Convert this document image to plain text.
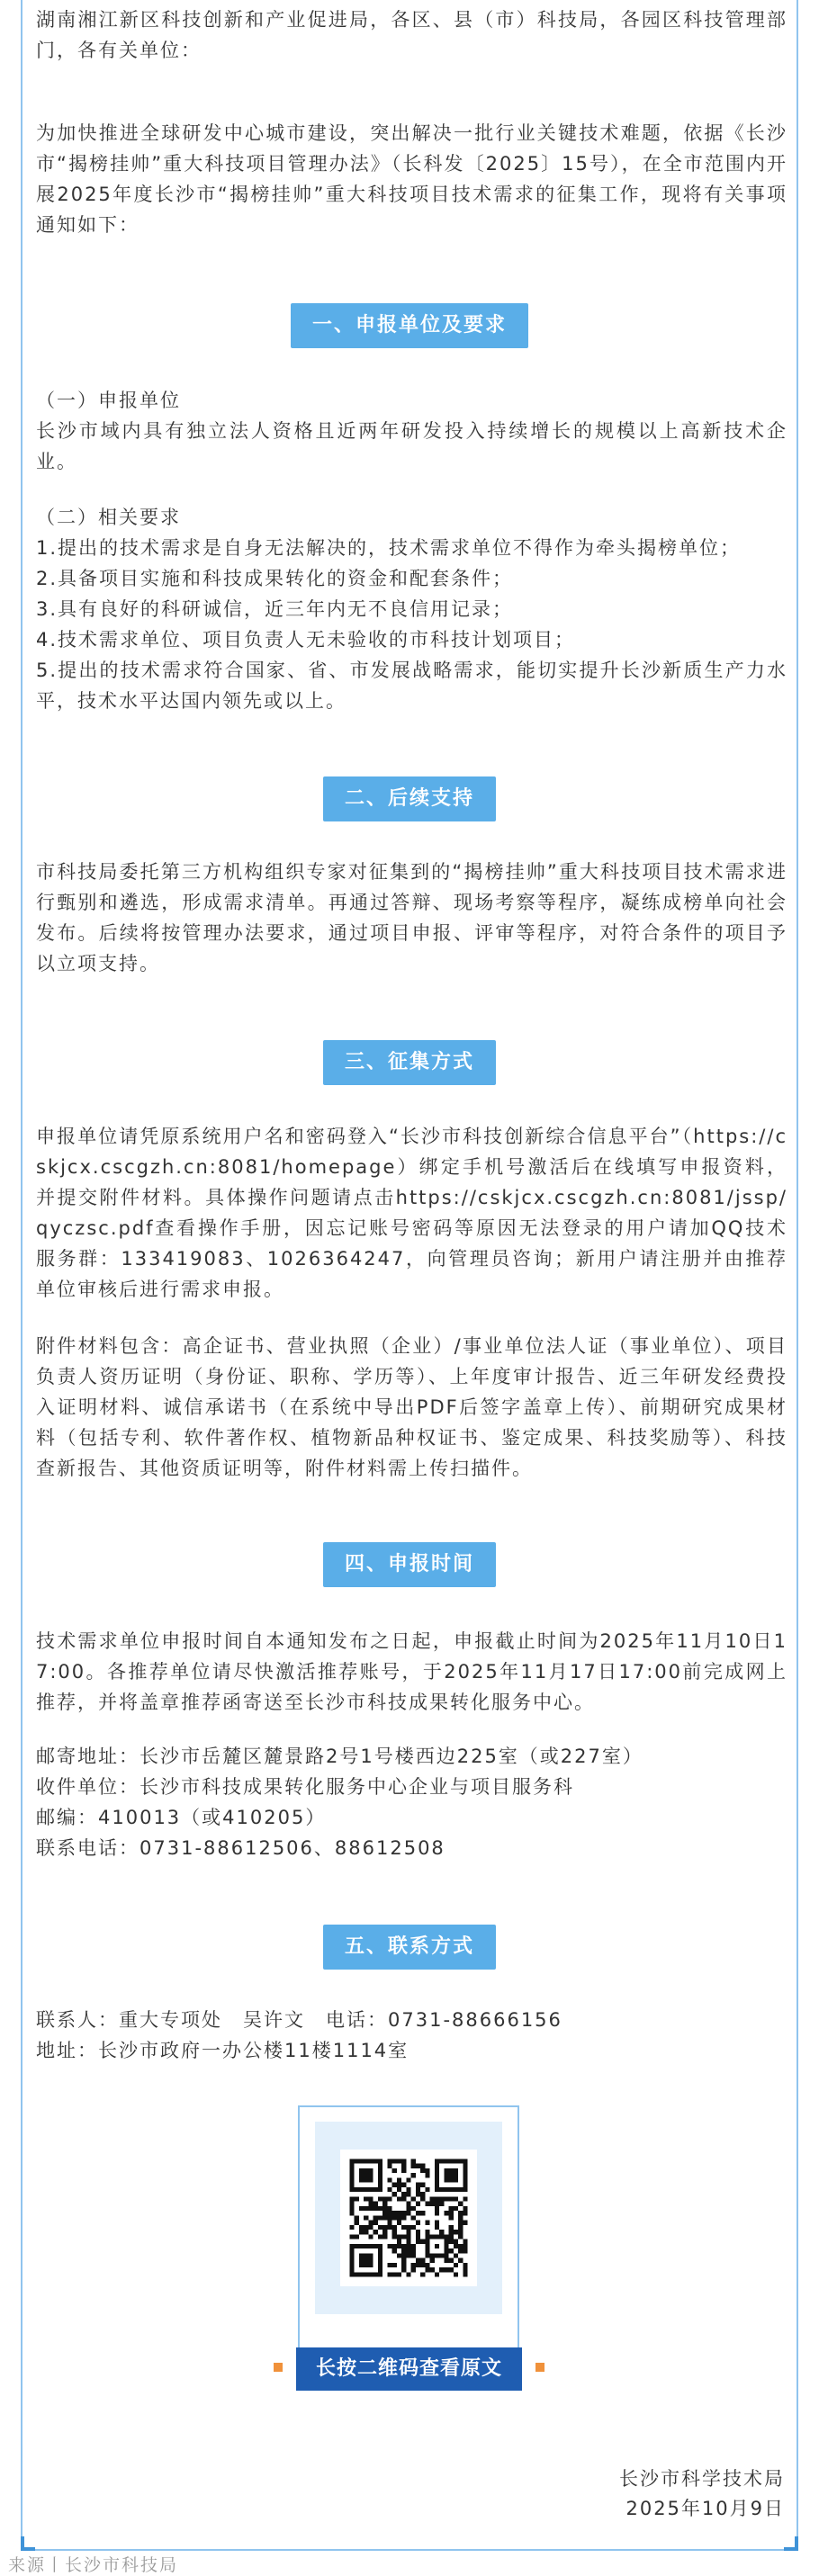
湖南湘江新区科技创新和产业促进局，各区、县（市）科技局，各园区科技管理部门，各有关单位：
为加快推进全球研发中心城市建设，突出解决一批行业关键技术难题，依据《长沙市“揭榜挂帅”重大科技项目管理办法》（长科发〔2025〕15号），在全市范围内开展2025年度长沙市“揭榜挂帅”重大科技项目技术需求的征集工作，现将有关事项通知如下：
一、申报单位及要求
（一）申报单位
长沙市域内具有独立法人资格且近两年研发投入持续增长的规模以上高新技术企业。
（二）相关要求
1.提出的技术需求是自身无法解决的，技术需求单位不得作为牵头揭榜单位；
2.具备项目实施和科技成果转化的资金和配套条件；
3.具有良好的科研诚信，近三年内无不良信用记录；
4.技术需求单位、项目负责人无未验收的市科技计划项目；
5.提出的技术需求符合国家、省、市发展战略需求，能切实提升长沙新质生产力水平，技术水平达国内领先或以上。
二、后续支持
市科技局委托第三方机构组织专家对征集到的“揭榜挂帅”重大科技项目技术需求进行甄别和遴选，形成需求清单。再通过答辩、现场考察等程序，凝练成榜单向社会发布。后续将按管理办法要求，通过项目申报、评审等程序，对符合条件的项目予以立项支持。
三、征集方式
申报单位请凭原系统用户名和密码登入“长沙市科技创新综合信息平台”（https://cskjcx.cscgzh.cn:8081/homepage）绑定手机号激活后在线填写申报资料，并提交附件材料。具体操作问题请点击https://cskjcx.cscgzh.cn:8081/jssp/qyczsc.pdf查看操作手册，因忘记账号密码等原因无法登录的用户请加QQ技术服务群：133419083、1026364247，向管理员咨询；新用户请注册并由推荐单位审核后进行需求申报。
附件材料包含：高企证书、营业执照（企业）/事业单位法人证（事业单位）、项目负责人资历证明（身份证、职称、学历等）、上年度审计报告、近三年研发经费投入证明材料、诚信承诺书（在系统中导出PDF后签字盖章上传）、前期研究成果材料（包括专利、软件著作权、植物新品种权证书、鉴定成果、科技奖励等）、科技查新报告、其他资质证明等，附件材料需上传扫描件。
四、申报时间
技术需求单位申报时间自本通知发布之日起，申报截止时间为2025年11月10日17:00。各推荐单位请尽快激活推荐账号，于2025年11月17日17:00前完成网上推荐，并将盖章推荐函寄送至长沙市科技成果转化服务中心。
邮寄地址：长沙市岳麓区麓景路2号1号楼西边225室（或227室）
收件单位：长沙市科技成果转化服务中心企业与项目服务科
邮编：410013（或410205）
联系电话：0731-88612506、88612508
五、联系方式
联系人：重大专项处　吴许文　电话：0731-88666156
地址：长沙市政府一办公楼11楼1114室
长按二维码查看原文
长沙市科学技术局
2025年10月9日
来源丨长沙市科技局
